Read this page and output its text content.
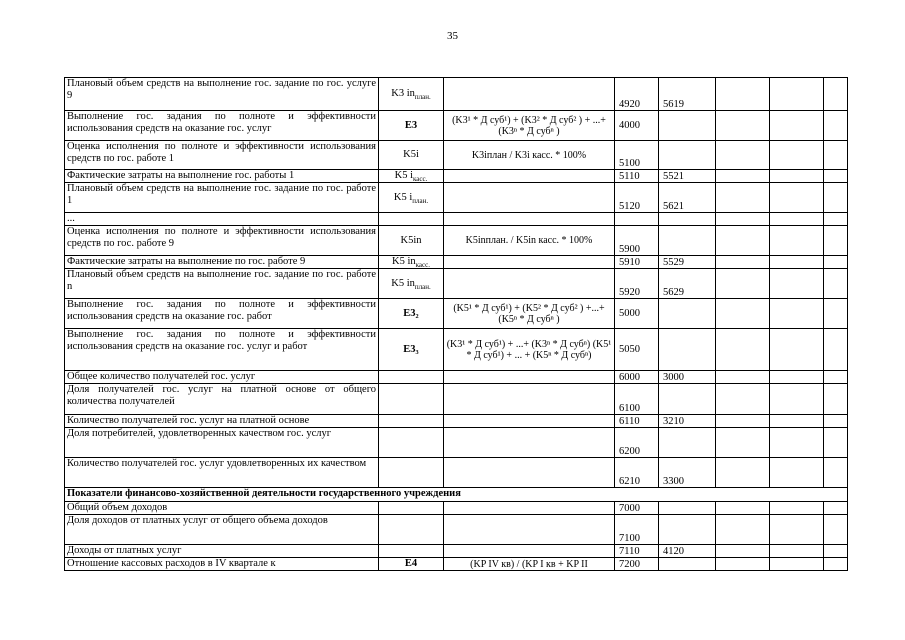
35
Плановый объем средств на выполнение гос. задание по гос. услуге 9	K3 $in_{план.}$		4920	5619			
Выполнение гос. задания по полноте и эффективности использования средств на оказание гос. услуг	E3	(K3¹ * Д суб¹) + (K3² * Д суб² ) + ...+ (K3ⁿ * Д субⁿ )	4000				
Оценка исполнения по полноте и эффективности использования средств по гос. работе 1	K5i	K3iплан / K3i касс. * 100%	5100				
Фактические затраты на выполнение гос. работы 1	K5 $i_{касс.}$		5110	5521			
Плановый объем средств на выполнение гос. задание по гос. работе 1	K5 $i_{план.}$		5120	5621			
...							
Оценка исполнения по полноте и эффективности использования средств по гос. работе 9	K5in	K5inплан. / K5in касс. * 100%	5900				
Фактические затраты на выполнение по гос. работе 9	K5 $in_{касс.}$		5910	5529			
Плановый объем средств на выполнение гос. задание по гос. работе n	K5 $in_{план.}$		5920	5629			
Выполнение гос. задания по полноте и эффективности использования средств на оказание гос. работ	E3₂	(K5¹ * Д суб¹) + (K5² * Д суб² ) +...+ (K5ⁿ * Д субⁿ )	5000				
Выполнение гос. задания по полноте и эффективности использования средств на оказание гос. услуг и работ	E3₃	(K3¹ * Д суб¹) + ...+ (K3ⁿ * Д субⁿ) (K5¹ * Д суб¹) + ... + (K5ⁿ * Д субⁿ)	5050				
Общее количество получателей гос. услуг			6000	3000			
Доля получателей гос. услуг на платной основе от общего количества получателей			6100				
Количество получателей гос. услуг на платной основе			6110	3210			
Доля потребителей, удовлетворенных качеством гос. услуг			6200				
Количество получателей гос. услуг удовлетворенных их качеством			6210	3300			
Показатели финансово-хозяйственной деятельности государственного учреждения							
Общий объем доходов			7000				
Доля доходов от платных услуг от общего объема доходов			7100				
Доходы от платных услуг			7110	4120			
Отношение кассовых расходов в IV квартале к	E4	(KP IV кв) / (KP I кв + KP II	7200				
